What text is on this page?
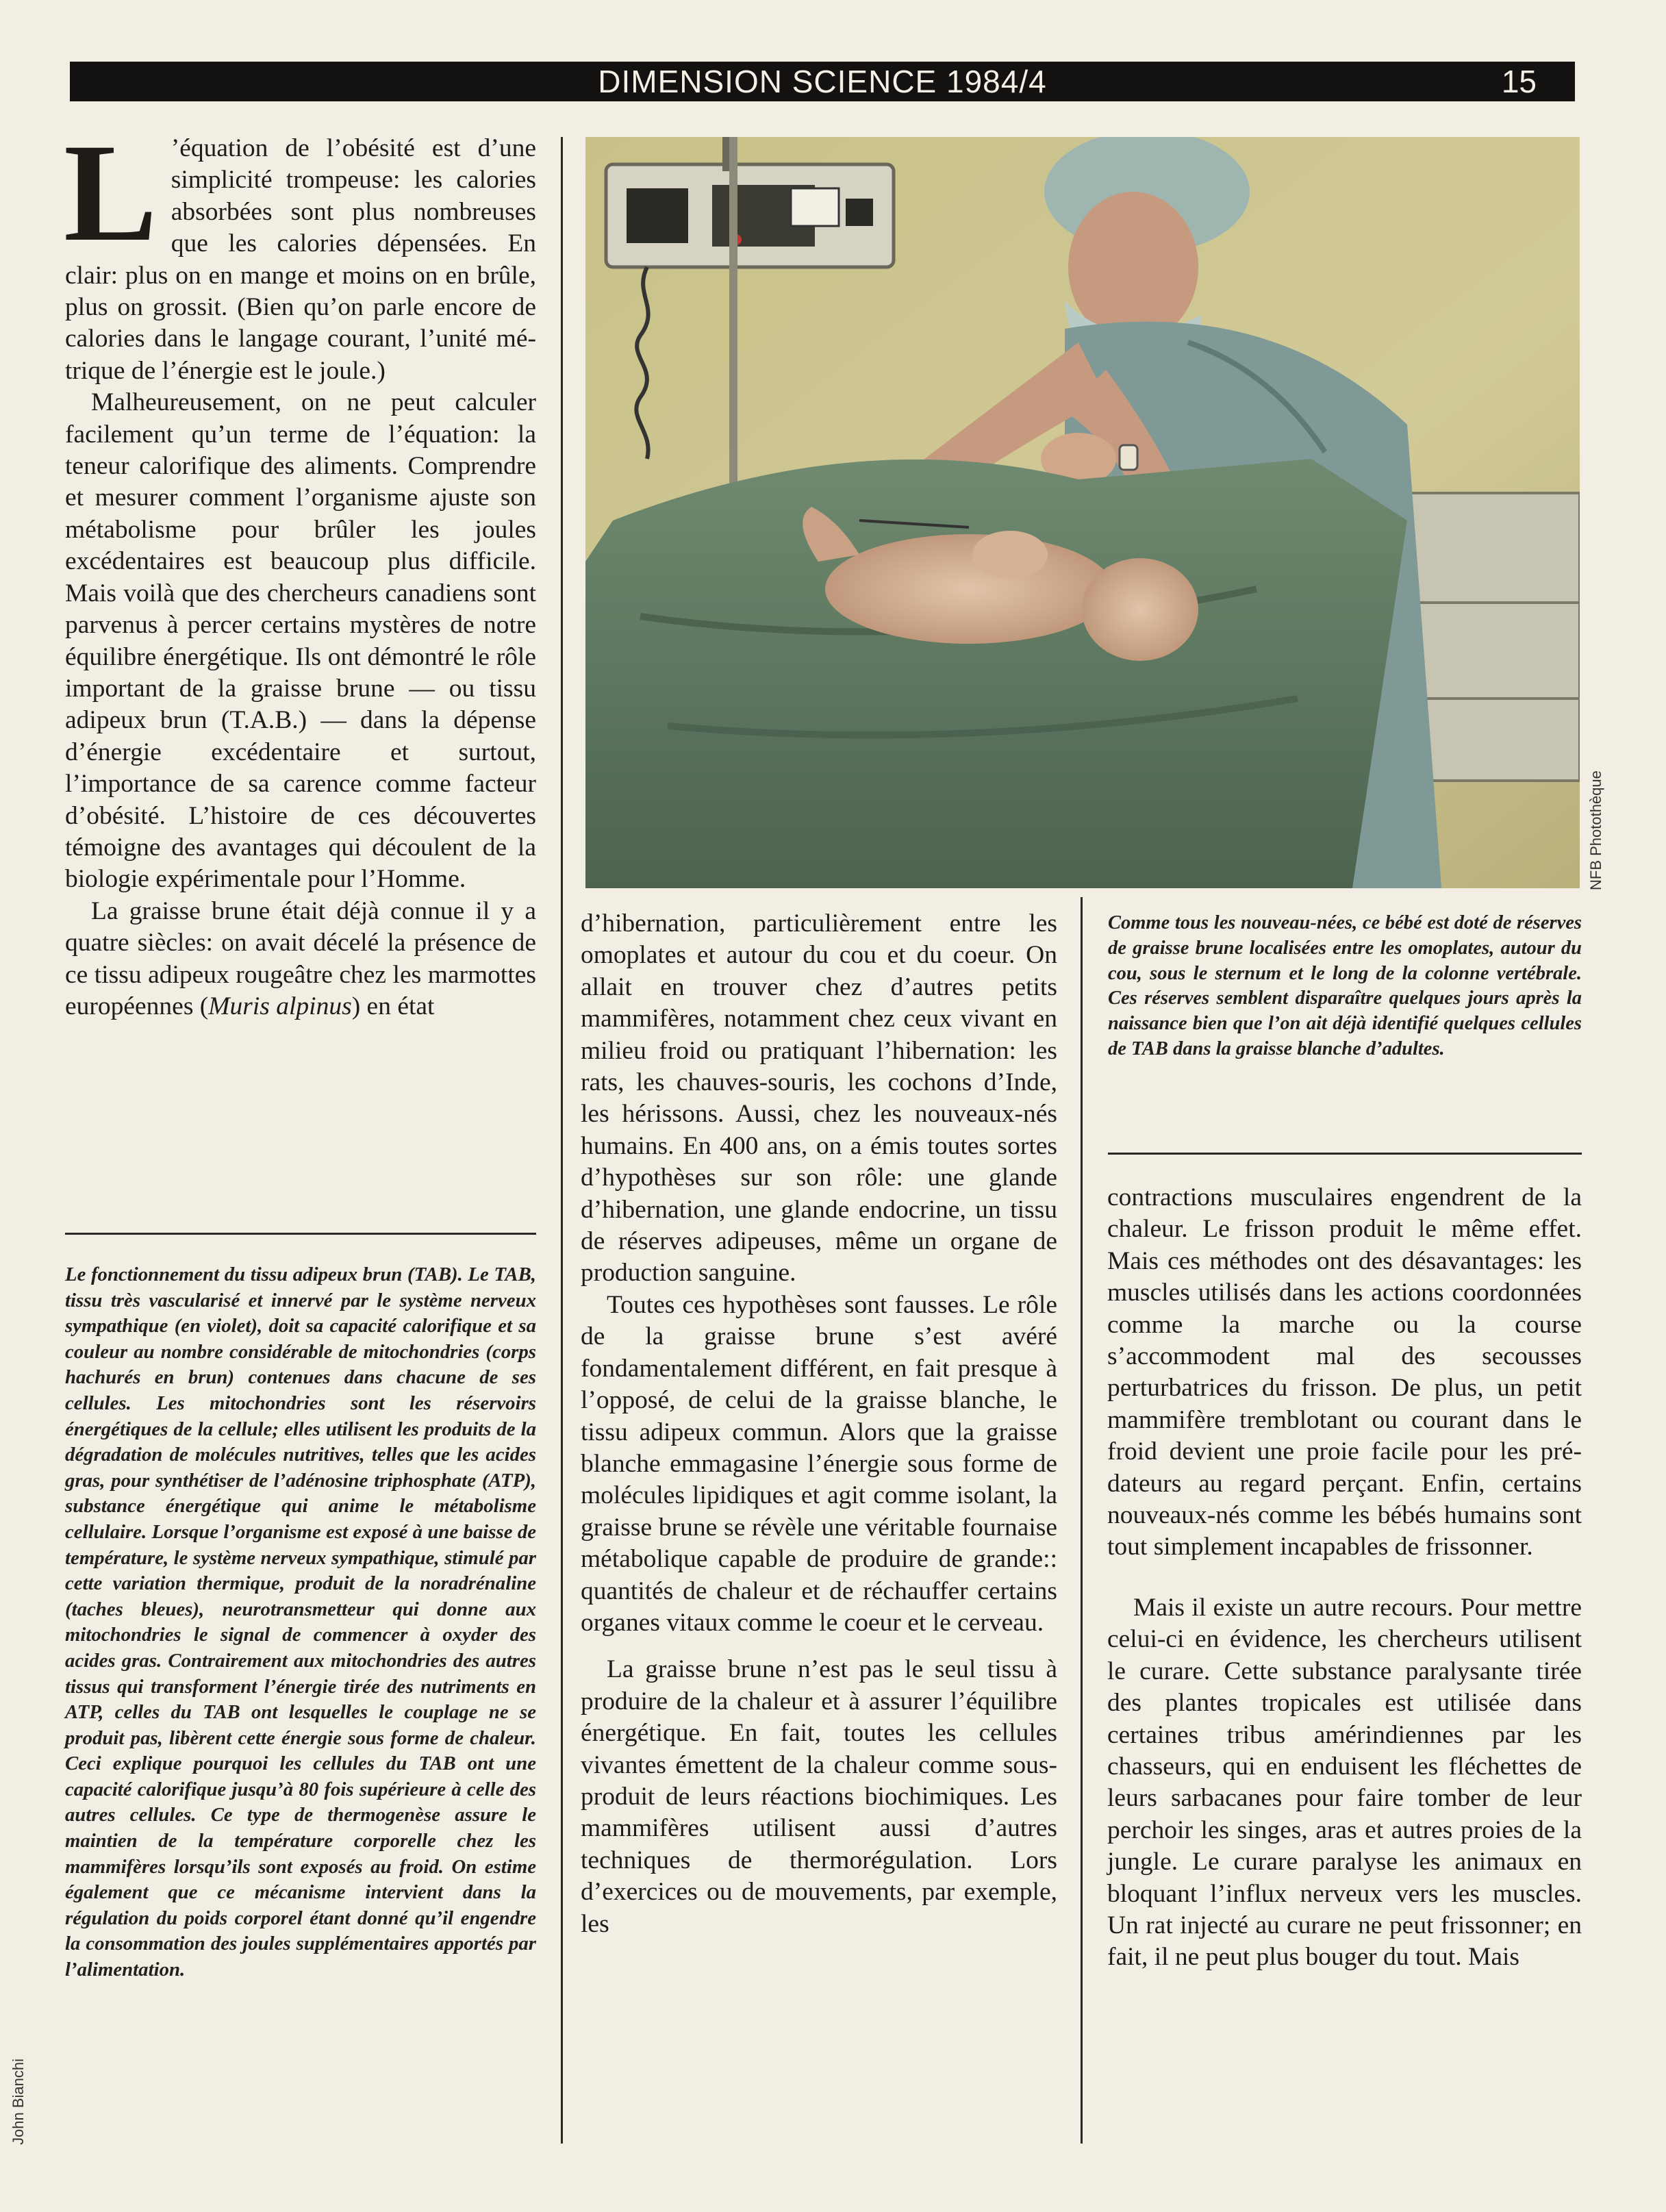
DIMENSION SCIENCE 1984/4	15

L ’équation de l’obésité est d’une simplicité trompeuse: les calories absorbées sont plus nombreuses que les calories dépensées. En clair: plus on en mange et moins on en brûle, plus on grossit. (Bien qu’on parle encore de calories dans le langage courant, l’unité métrique de l’énergie est le joule.)

Malheureusement, on ne peut calculer facilement qu’un terme de l’équation: la teneur calorifique des aliments. Comprendre et mesurer comment l’organisme ajuste son métabolisme pour brûler les joules excédentaires est beaucoup plus difficile. Mais voilà que des chercheurs canadiens sont parvenus à percer certains mystères de notre équilibre énergétique. Ils ont démontré le rôle important de la graisse brune — ou tissu adipeux brun (T.A.B.) — dans la dépense d’énergie excédentaire et surtout, l’importance de sa carence comme facteur d’obésité. L’histoire de ces découvertes témoigne des avantages qui découlent de la biologie expérimentale pour l’Homme.

La graisse brune était déjà connue il y a quatre siècles: on avait décelé la présence de ce tissu adipeux rougeâtre chez les marmottes européennes (Muris alpinus) en état

Le fonctionnement du tissu adipeux brun (TAB). Le TAB, tissu très vascularisé et innervé par le système nerveux sympathique (en violet), doit sa capacité calorifique et sa couleur au nombre considérable de mitochondries (corps hachurés en brun) contenues dans chacune de ses cellules. Les mitochondries sont les réservoirs énergétiques de la cellule; elles utilisent les produits de la dégradation de molécules nutritives, telles que les acides gras, pour synthétiser de l’adénosine triphosphate (ATP), substance énergétique qui anime le métabolisme cellulaire. Lorsque l’organisme est exposé à une baisse de température, le système nerveux sympathique, stimulé par cette variation thermique, produit de la noradrénaline (taches bleues), neurotransmetteur qui donne aux mitochondries le signal de commencer à oxyder des acides gras. Contrairement aux mitochondries des autres tissus qui transforment l’énergie tirée des nutriments en ATP, celles du TAB ont lesquelles le couplage ne se produit pas, libèrent cette énergie sous forme de chaleur. Ceci explique pourquoi les cellules du TAB ont une capacité calorifique jusqu’à 80 fois supérieure à celle des autres cellules. Ce type de thermogenèse assure le maintien de la température corporelle chez les mammifères lorsqu’ils sont exposés au froid. On estime également que ce mécanisme intervient dans la régulation du poids corporel étant donné qu’il engendre la consommation des joules supplémentaires apportés par l’alimentation.
NFB Photothèque
John Bianchi

d’hibernation, particulièrement entre les omoplates et autour du cou et du coeur. On allait en trouver chez d’autres petits mammifères, notamment chez ceux vivant en milieu froid ou pratiquant l’hibernation: les rats, les chauves-souris, les cochons d’Inde, les hérissons. Aussi, chez les nouveaux-nés humains. En 400 ans, on a émis toutes sortes d’hypothèses sur son rôle: une glande d’hibernation, une glande endocrine, un tissu de réserves adipeuses, même un organe de production sanguine.

Toutes ces hypothèses sont fausses. Le rôle de la graisse brune s’est avéré fondamentalement différent, en fait presque à l’opposé, de celui de la graisse blanche, le tissu adipeux commun. Alors que la graisse blanche emmagasine l’énergie sous forme de molécules lipidiques et agit comme isolant, la graisse brune se révèle une véritable fournaise métabolique capable de produire de grande:: quantités de chaleur et de réchauffer certains organes vitaux comme le coeur et le cerveau.

La graisse brune n’est pas le seul tissu à produire de la chaleur et à assurer l’équilibre énergétique. En fait, toutes les cellules vivantes émettent de la chaleur comme sous-produit de leurs réactions biochimiques. Les mammifères utilisent aussi d’autres techniques de thermorégulation. Lors d’exercices ou de mouvements, par exemple, les

Comme tous les nouveau-nées, ce bébé est doté de réserves de graisse brune localisées entre les omoplates, autour du cou, sous le sternum et le long de la colonne vertébrale. Ces réserves semblent disparaître quelques jours après la naissance bien que l’on ait déjà identifié quelques cellules de TAB dans la graisse blanche d’adultes.

contractions musculaires engendrent de la chaleur. Le frisson produit le même effet. Mais ces méthodes ont des désavantages: les muscles utilisés dans les actions coordonnées comme la marche ou la course s’accommodent mal des secousses perturbatrices du frisson. De plus, un petit mammifère tremblotant ou courant dans le froid devient une proie facile pour les prédateurs au regard perçant. Enfin, certains nouveaux-nés comme les bébés humains sont tout simplement incapables de frissonner.

Mais il existe un autre recours. Pour mettre celui-ci en évidence, les chercheurs utilisent le curare. Cette substance paralysante tirée des plantes tropicales est utilisée dans certaines tribus amérindiennes par les chasseurs, qui en enduisent les fléchettes de leurs sarbacanes pour faire tomber de leur perchoir les singes, aras et autres proies de la jungle. Le curare paralyse les animaux en bloquant l’influx nerveux vers les muscles. Un rat injecté au curare ne peut frissonner; en fait, il ne peut plus bouger du tout. Mais
